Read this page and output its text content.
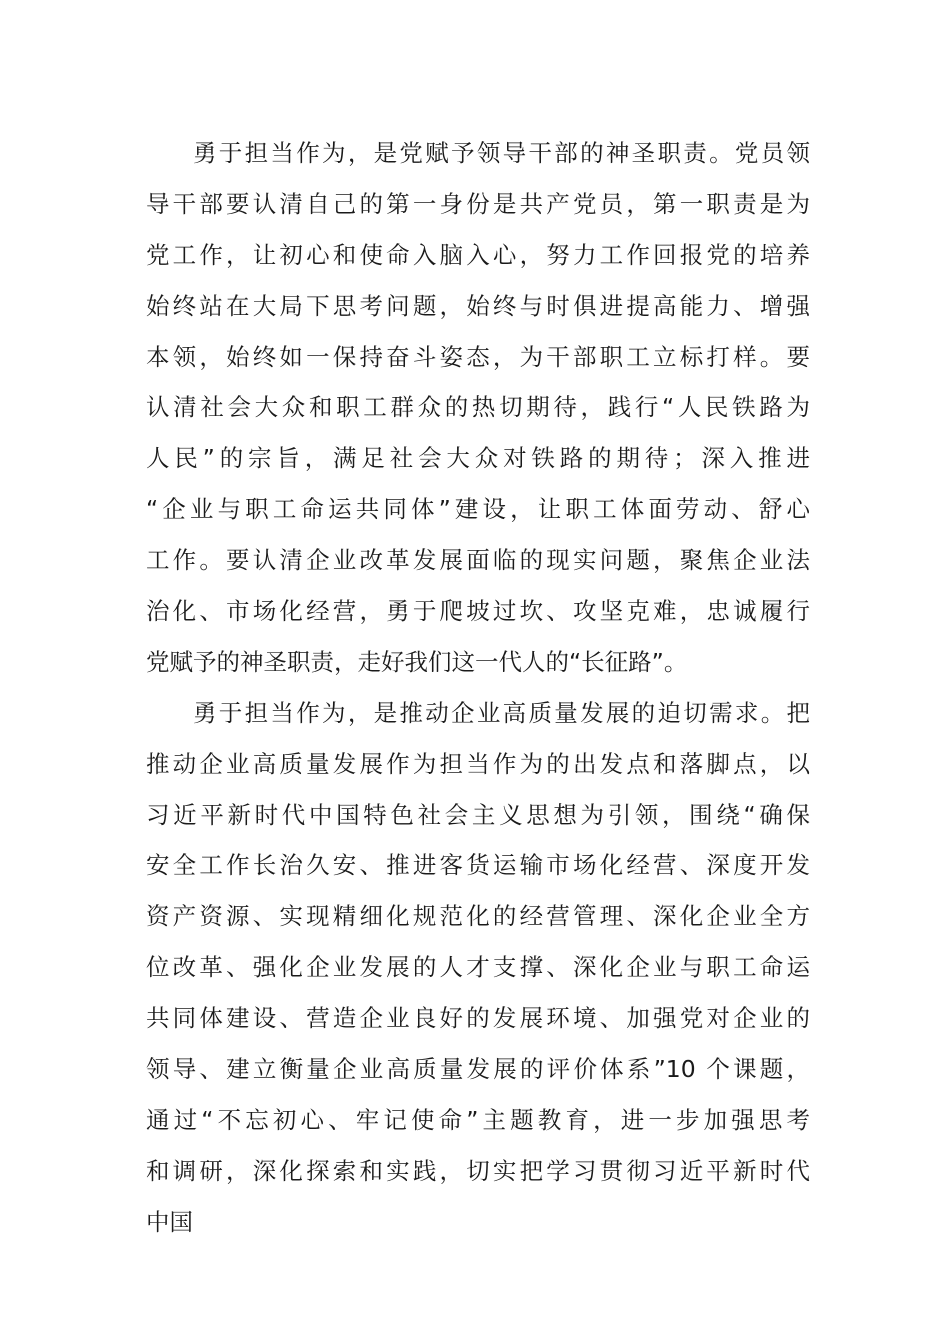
勇于担当作为，是党赋予领导干部的神圣职责。党员领
导干部要认清自己的第一身份是共产党员，第一职责是为
党工作，让初心和使命入脑入心，努力工作回报党的培养
始终站在大局下思考问题，始终与时俱进提高能力、增强
本领，始终如一保持奋斗姿态，为干部职工立标打样。要
认清社会大众和职工群众的热切期待，践行“人民铁路为
人民”的宗旨，满足社会大众对铁路的期待；深入推进
“企业与职工命运共同体”建设，让职工体面劳动、舒心
工作。要认清企业改革发展面临的现实问题，聚焦企业法
治化、市场化经营，勇于爬坡过坎、攻坚克难，忠诚履行
党赋予的神圣职责，走好我们这一代人的“长征路”。
勇于担当作为，是推动企业高质量发展的迫切需求。把
推动企业高质量发展作为担当作为的出发点和落脚点，以
习近平新时代中国特色社会主义思想为引领，围绕“确保
安全工作长治久安、推进客货运输市场化经营、深度开发
资产资源、实现精细化规范化的经营管理、深化企业全方
位改革、强化企业发展的人才支撑、深化企业与职工命运
共同体建设、营造企业良好的发展环境、加强党对企业的
领导、建立衡量企业高质量发展的评价体系”10 个课题，
通过“不忘初心、牢记使命”主题教育，进一步加强思考
和调研，深化探索和实践，切实把学习贯彻习近平新时代
中国
